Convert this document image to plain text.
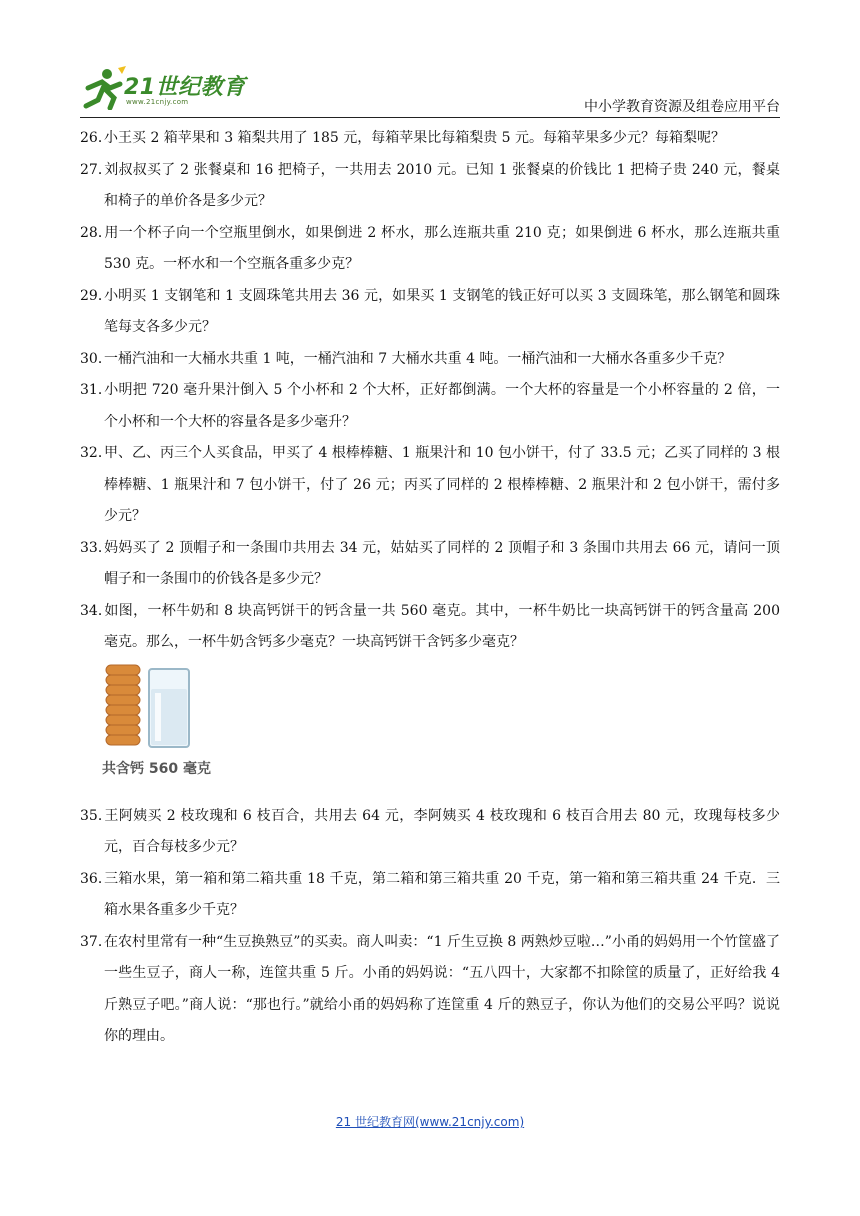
21世纪教育
www.21cnjy.com	中小学教育资源及组卷应用平台

26．小王买 2 箱苹果和 3 箱梨共用了 185 元，每箱苹果比每箱梨贵 5 元。每箱苹果多少元？每箱梨呢？

27．刘叔叔买了 2 张餐桌和 16 把椅子，一共用去 2010 元。已知 1 张餐桌的价钱比 1 把椅子贵 240 元，餐桌和椅子的单价各是多少元？

28．用一个杯子向一个空瓶里倒水，如果倒进 2 杯水，那么连瓶共重 210 克；如果倒进 6 杯水，那么连瓶共重 530 克。一杯水和一个空瓶各重多少克？

29．小明买 1 支钢笔和 1 支圆珠笔共用去 36 元，如果买 1 支钢笔的钱正好可以买 3 支圆珠笔，那么钢笔和圆珠笔每支各多少元？

30．一桶汽油和一大桶水共重 1 吨，一桶汽油和 7 大桶水共重 4 吨。一桶汽油和一大桶水各重多少千克？

31．小明把 720 毫升果汁倒入 5 个小杯和 2 个大杯，正好都倒满。一个大杯的容量是一个小杯容量的 2 倍，一个小杯和一个大杯的容量各是多少毫升？

32．甲、乙、丙三个人买食品，甲买了 4 根棒棒糖、1 瓶果汁和 10 包小饼干，付了 33.5 元；乙买了同样的 3 根棒棒糖、1 瓶果汁和 7 包小饼干，付了 26 元；丙买了同样的 2 根棒棒糖、2 瓶果汁和 2 包小饼干，需付多少元？

33．妈妈买了 2 顶帽子和一条围巾共用去 34 元，姑姑买了同样的 2 顶帽子和 3 条围巾共用去 66 元，请问一顶帽子和一条围巾的价钱各是多少元？

34．如图，一杯牛奶和 8 块高钙饼干的钙含量一共 560 毫克。其中，一杯牛奶比一块高钙饼干的钙含量高 200 毫克。那么，一杯牛奶含钙多少毫克？一块高钙饼干含钙多少毫克？

共含钙 560 毫克

35．王阿姨买 2 枝玫瑰和 6 枝百合，共用去 64 元，李阿姨买 4 枝玫瑰和 6 枝百合用去 80 元，玫瑰每枝多少元，百合每枝多少元？

36．三箱水果，第一箱和第二箱共重 18 千克，第二箱和第三箱共重 20 千克，第一箱和第三箱共重 24 千克．三箱水果各重多少千克？

37．在农村里常有一种“生豆换熟豆”的买卖。商人叫卖：“1 斤生豆换 8 两熟炒豆啦…”小甬的妈妈用一个竹筐盛了一些生豆子，商人一称，连筐共重 5 斤。小甬的妈妈说：“五八四十，大家都不扣除筐的质量了，正好给我 4 斤熟豆子吧。”商人说：“那也行。”就给小甬的妈妈称了连筐重 4 斤的熟豆子，你认为他们的交易公平吗？说说你的理由。

21 世纪教育网(www.21cnjy.com)
